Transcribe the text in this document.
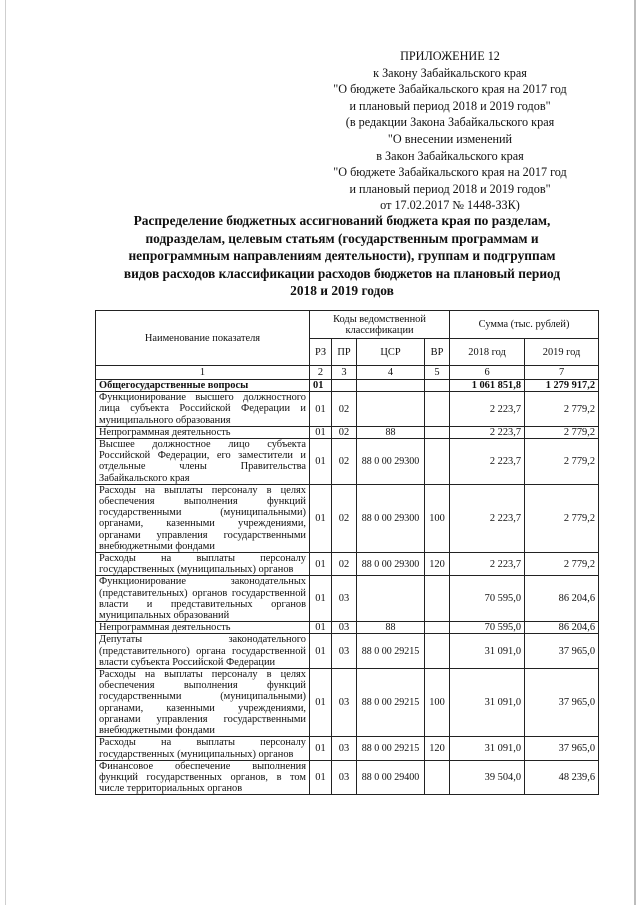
ПРИЛОЖЕНИЕ 12
к Закону Забайкальского края
"О бюджете Забайкальского края на 2017 год
и плановый период 2018 и 2019 годов"
(в редакции Закона Забайкальского края
"О внесении изменений
в Закон Забайкальского края
"О бюджете Забайкальского края на 2017 год
и плановый период 2018 и 2019 годов"
от 17.02.2017 № 1448-ЗЗК)
Распределение бюджетных ассигнований бюджета края по разделам,
подразделам, целевым статьям (государственным программам и
непрограммным направлениям деятельности), группам и подгруппам
видов расходов классификации расходов бюджетов на плановый период
2018 и 2019 годов
Наименование показателя	Коды ведомственной классификации				Сумма (тыс. рублей)	
	РЗ	ПР	ЦСР	ВР	2018 год	2019 год
1	2	3	4	5	6	7
Общегосударственные вопросы	01				1 061 851,8	1 279 917,2
Функционирование высшего должностного лица субъекта Российской Федерации и муниципального образования	01	02			2 223,7	2 779,2
Непрограммная деятельность	01	02	88		2 223,7	2 779,2
Высшее должностное лицо субъекта Российской Федерации, его заместители и отдельные члены Правительства Забайкальского края	01	02	88 0 00 29300		2 223,7	2 779,2
Расходы на выплаты персоналу в целях обеспечения выполнения функций государственными (муниципальными) органами, казенными учреждениями, органами управления государственными внебюджетными фондами	01	02	88 0 00 29300	100	2 223,7	2 779,2
Расходы на выплаты персоналу государственных (муниципальных) органов	01	02	88 0 00 29300	120	2 223,7	2 779,2
Функционирование законодательных (представительных) органов государственной власти и представительных органов муниципальных образований	01	03			70 595,0	86 204,6
Непрограммная деятельность	01	03	88		70 595,0	86 204,6
Депутаты законодательного (представительного) органа государственной власти субъекта Российской Федерации	01	03	88 0 00 29215		31 091,0	37 965,0
Расходы на выплаты персоналу в целях обеспечения выполнения функций государственными (муниципальными) органами, казенными учреждениями, органами управления государственными внебюджетными фондами	01	03	88 0 00 29215	100	31 091,0	37 965,0
Расходы на выплаты персоналу государственных (муниципальных) органов	01	03	88 0 00 29215	120	31 091,0	37 965,0
Финансовое обеспечение выполнения функций государственных органов, в том числе территориальных органов	01	03	88 0 00 29400		39 504,0	48 239,6
